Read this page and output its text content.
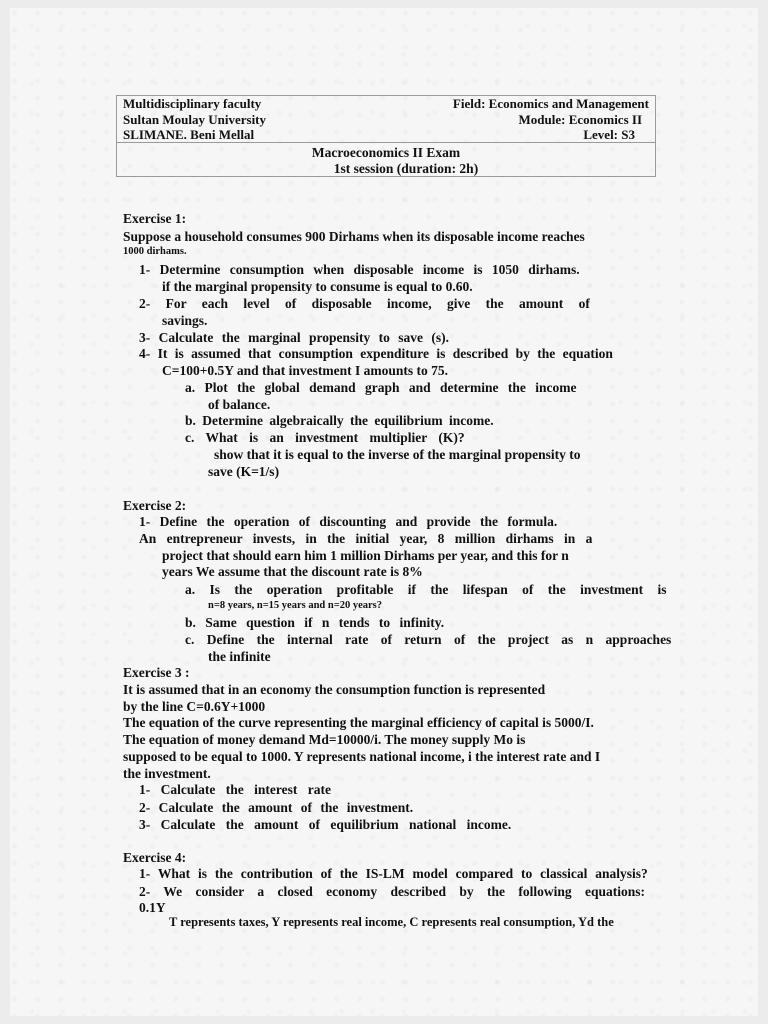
Multidisciplinary faculty
Sultan Moulay University
SLIMANE. Beni Mellal
Field: Economics and Management
Module: Economics II
Level: S3
Macroeconomics II Exam
1st session (duration: 2h)
Exercise 1:
Suppose a household consumes 900 Dirhams when its disposable income reaches
1000 dirhams.
1- Determine consumption when disposable income is 1050 dirhams.
if the marginal propensity to consume is equal to 0.60.
2- For each level of disposable income, give the amount of
savings.
3- Calculate the marginal propensity to save (s).
4- It is assumed that consumption expenditure is described by the equation
C=100+0.5Y and that investment I amounts to 75.
a. Plot the global demand graph and determine the income
of balance.
b. Determine algebraically the equilibrium income.
c. What is an investment multiplier (K)?
show that it is equal to the inverse of the marginal propensity to
save (K=1/s)
Exercise 2:
1- Define the operation of discounting and provide the formula.
An entrepreneur invests, in the initial year, 8 million dirhams in a
project that should earn him 1 million Dirhams per year, and this for n
years We assume that the discount rate is 8%
a. Is the operation profitable if the lifespan of the investment is
n=8 years, n=15 years and n=20 years?
b. Same question if n tends to infinity.
c. Define the internal rate of return of the project as n approaches
the infinite
Exercise 3 :
It is assumed that in an economy the consumption function is represented
by the line C=0.6Y+1000
The equation of the curve representing the marginal efficiency of capital is 5000/I.
The equation of money demand Md=10000/i. The money supply Mo is
supposed to be equal to 1000. Y represents national income, i the interest rate and I
the investment.
1- Calculate the interest rate
2- Calculate the amount of the investment.
3- Calculate the amount of equilibrium national income.
Exercise 4:
1- What is the contribution of the IS-LM model compared to classical analysis?
2- We consider a closed economy described by the following equations:
0.1Y
T represents taxes, Y represents real income, C represents real consumption, Yd the
